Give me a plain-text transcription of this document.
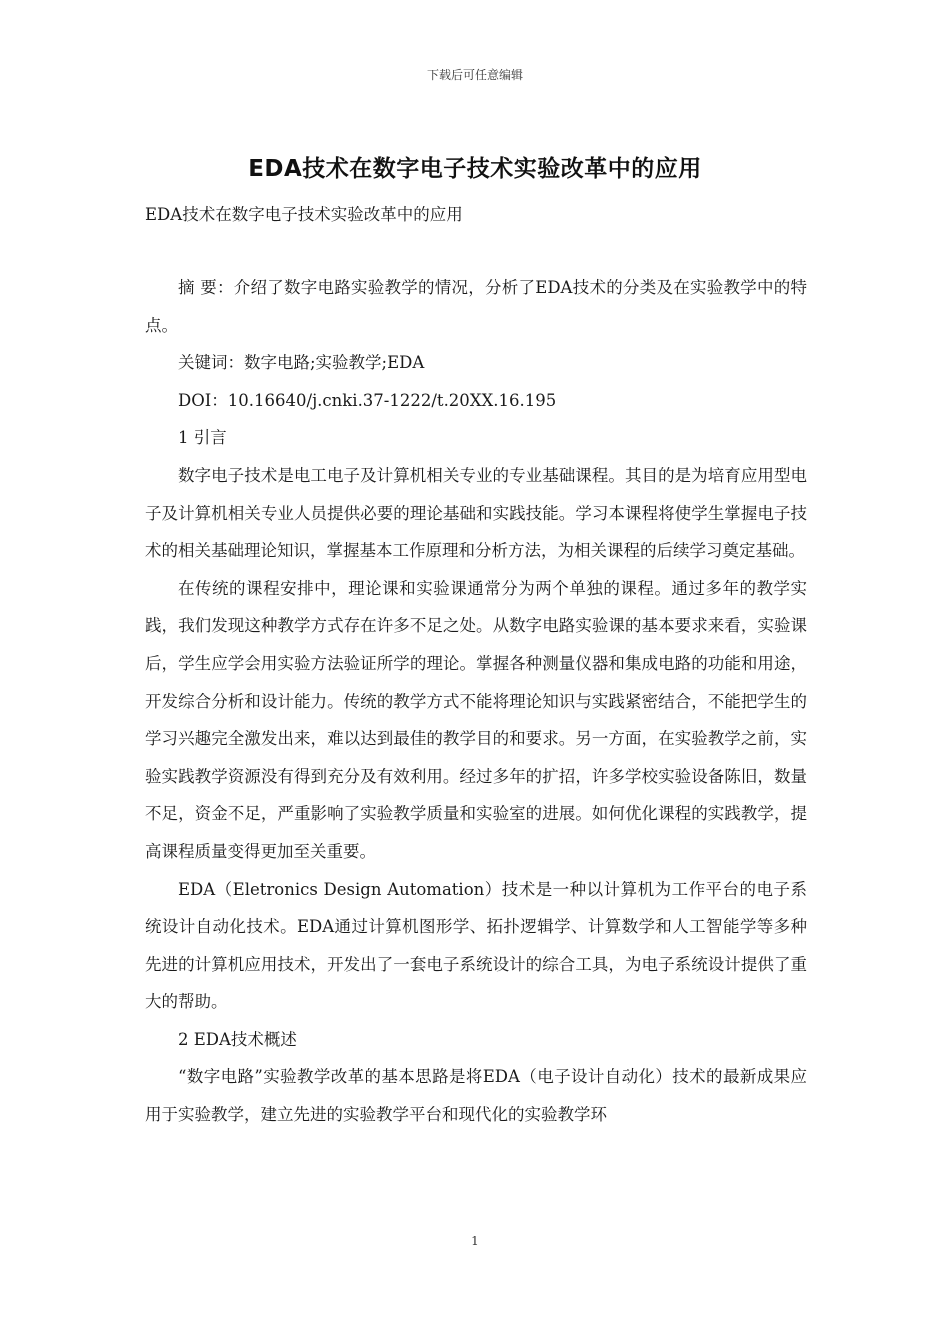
下载后可任意编辑
EDA技术在数字电子技术实验改革中的应用
EDA技术在数字电子技术实验改革中的应用

摘 要：介绍了数字电路实验教学的情况，分析了EDA技术的分类及在实验教学中的特点。

关键词：数字电路;实验教学;EDA

DOI：10.16640/j.cnki.37-1222/t.20XX.16.195

1 引言

数字电子技术是电工电子及计算机相关专业的专业基础课程。其目的是为培育应用型电子及计算机相关专业人员提供必要的理论基础和实践技能。学习本课程将使学生掌握电子技术的相关基础理论知识，掌握基本工作原理和分析方法，为相关课程的后续学习奠定基础。

在传统的课程安排中，理论课和实验课通常分为两个单独的课程。通过多年的教学实践，我们发现这种教学方式存在许多不足之处。从数字电路实验课的基本要求来看，实验课后，学生应学会用实验方法验证所学的理论。掌握各种测量仪器和集成电路的功能和用途，开发综合分析和设计能力。传统的教学方式不能将理论知识与实践紧密结合，不能把学生的学习兴趣完全激发出来，难以达到最佳的教学目的和要求。另一方面，在实验教学之前，实验实践教学资源没有得到充分及有效利用。经过多年的扩招，许多学校实验设备陈旧，数量不足，资金不足，严重影响了实验教学质量和实验室的进展。如何优化课程的实践教学，提高课程质量变得更加至关重要。

EDA（Eletronics Design Automation）技术是一种以计算机为工作平台的电子系统设计自动化技术。EDA通过计算机图形学、拓扑逻辑学、计算数学和人工智能学等多种先进的计算机应用技术，开发出了一套电子系统设计的综合工具，为电子系统设计提供了重大的帮助。

2 EDA技术概述

“数字电路”实验教学改革的基本思路是将EDA（电子设计自动化）技术的最新成果应用于实验教学，建立先进的实验教学平台和现代化的实验教学环

1
